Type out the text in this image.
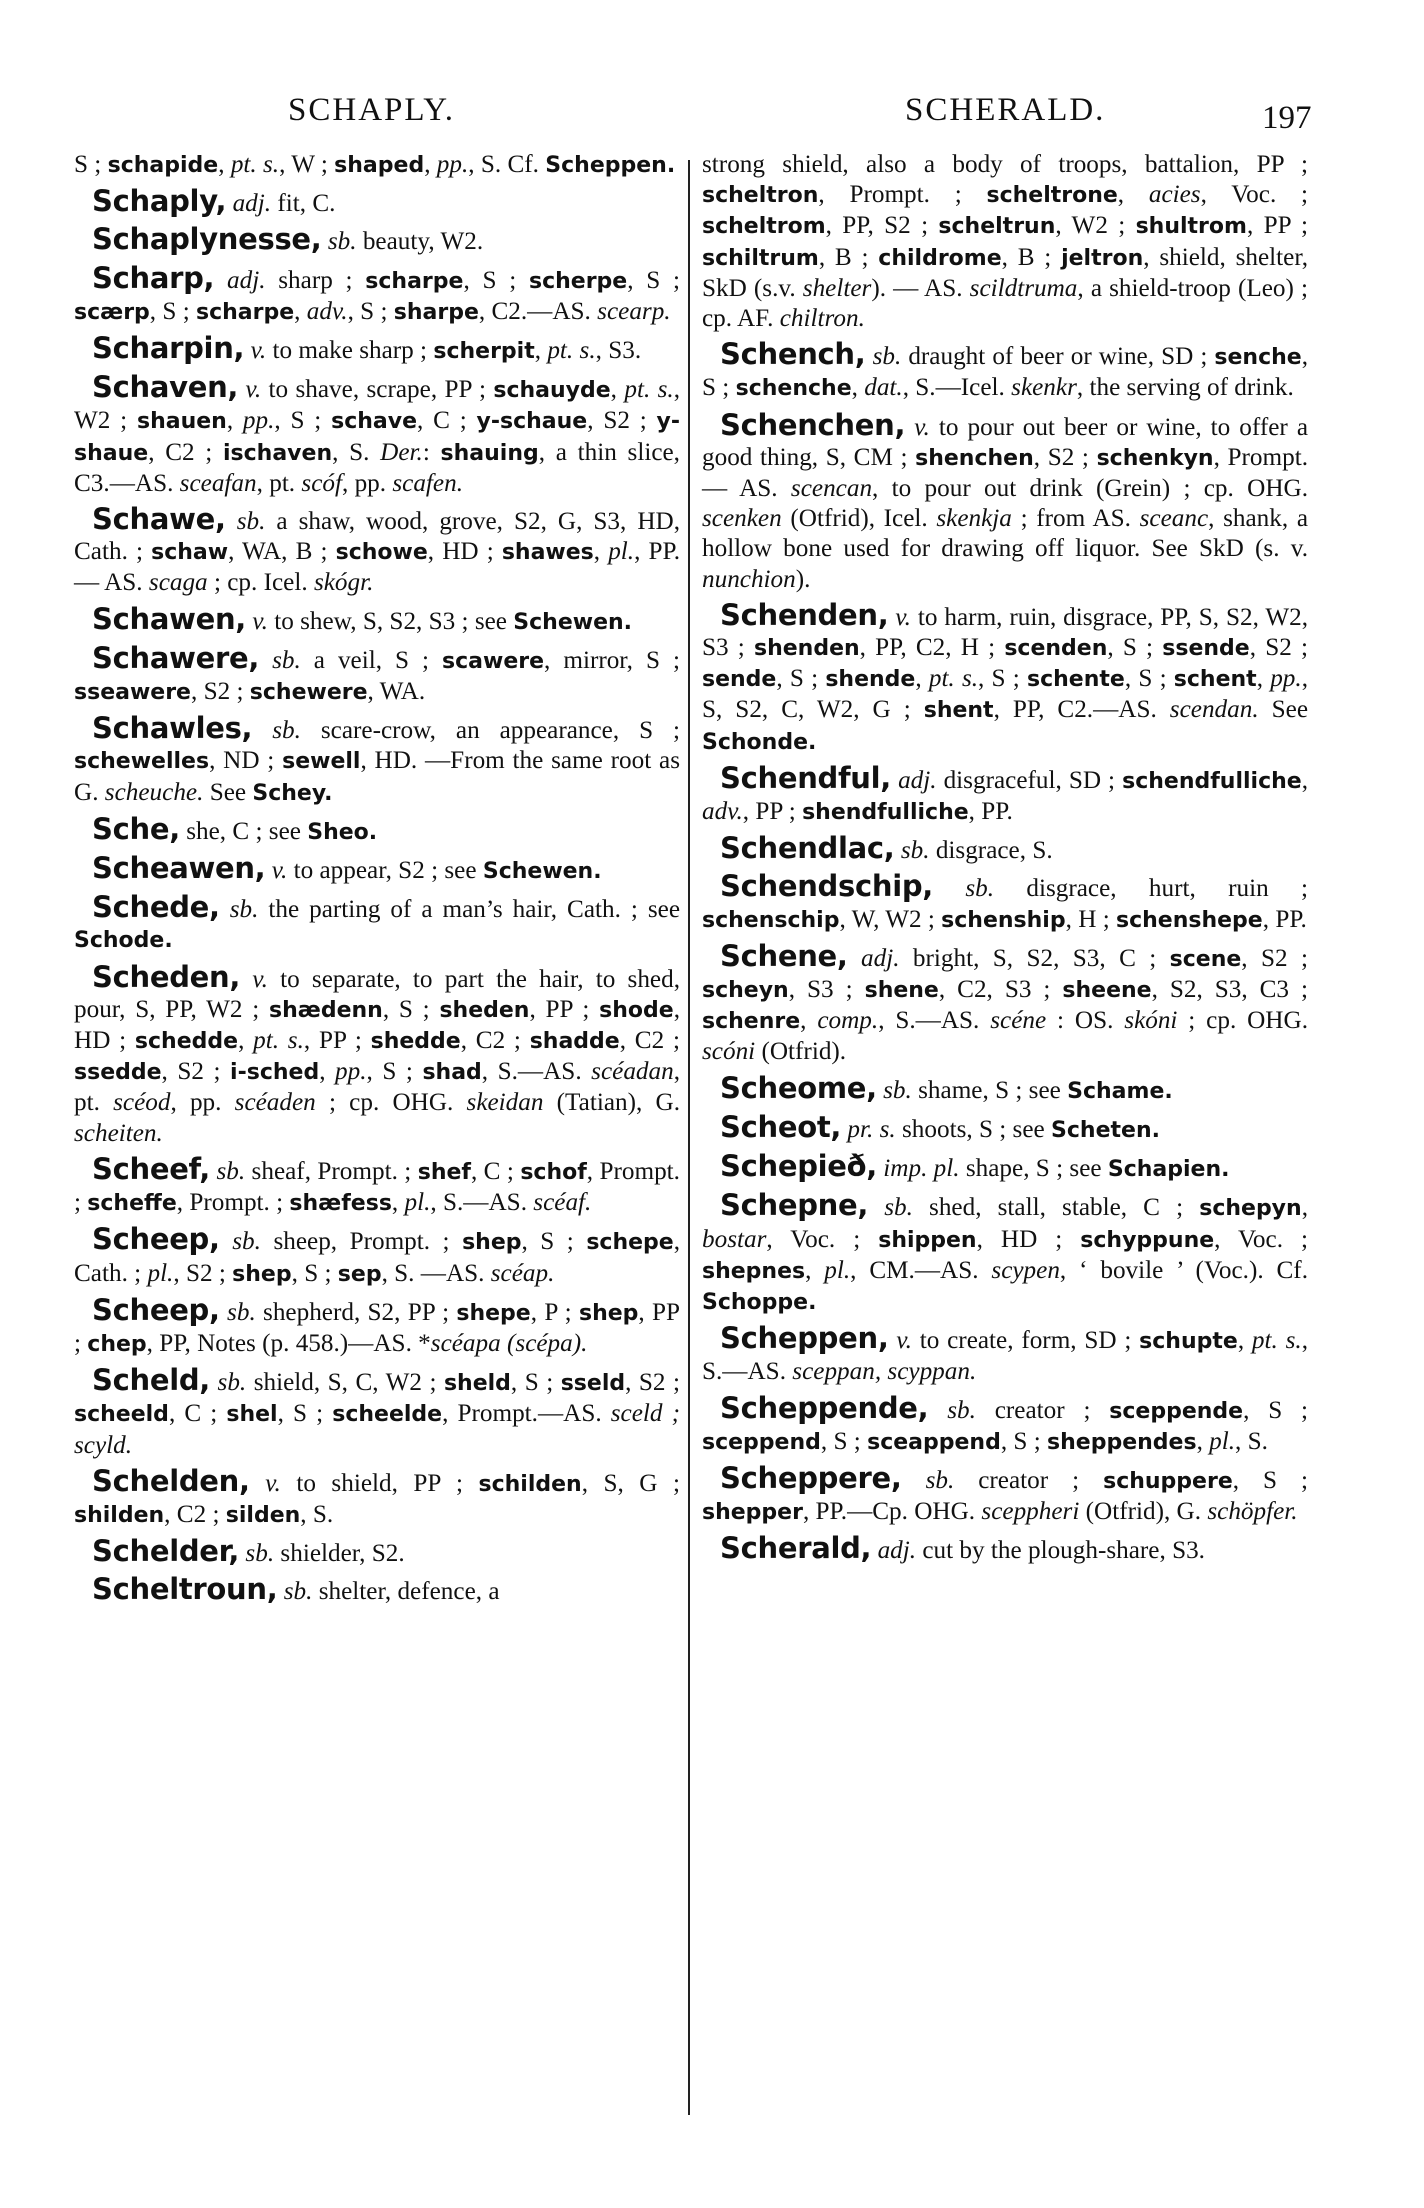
SCHAPLY.	SCHERALD.	197

S ; schapide, pt. s., W ; shaped, pp., S. Cf. Scheppen.

Schaply, adj. fit, C.

Schaplynesse, sb. beauty, W2.

Scharp, adj. sharp ; scharpe, S ; scherpe, S ; scærp, S ; scharpe, adv., S ; sharpe, C2.—AS. scearp.

Scharpin, v. to make sharp ; scherpit, pt. s., S3.

Schaven, v. to shave, scrape, PP ; schauyde, pt. s., W2 ; shauen, pp., S ; schave, C ; y-schaue, S2 ; y-shaue, C2 ; ischaven, S. Der.: shauing, a thin slice, C3.—AS. sceafan, pt. scóf, pp. scafen.

Schawe, sb. a shaw, wood, grove, S2, G, S3, HD, Cath. ; schaw, WA, B ; schowe, HD ; shawes, pl., PP. — AS. scaga ; cp. Icel. skógr.

Schawen, v. to shew, S, S2, S3 ; see Schewen.

Schawere, sb. a veil, S ; scawere, mirror, S ; sseawere, S2 ; schewere, WA.

Schawles, sb. scare-crow, an appearance, S ; schewelles, ND ; sewell, HD. —From the same root as G. scheuche. See Schey.

Sche, she, C ; see Sheo.

Scheawen, v. to appear, S2 ; see Schewen.

Schede, sb. the parting of a man’s hair, Cath. ; see Schode.

Scheden, v. to separate, to part the hair, to shed, pour, S, PP, W2 ; shædenn, S ; sheden, PP ; shode, HD ; schedde, pt. s., PP ; shedde, C2 ; shadde, C2 ; ssedde, S2 ; i-sched, pp., S ; shad, S.—AS. scéadan, pt. scéod, pp. scéaden ; cp. OHG. skeidan (Tatian), G. scheiten.

Scheef, sb. sheaf, Prompt. ; shef, C ; schof, Prompt. ; scheffe, Prompt. ; shæfess, pl., S.—AS. scéaf.

Scheep, sb. sheep, Prompt. ; shep, S ; schepe, Cath. ; pl., S2 ; shep, S ; sep, S. —AS. scéap.

Scheep, sb. shepherd, S2, PP ; shepe, P ; shep, PP ; chep, PP, Notes (p. 458.)—AS. *scéapa (scépa).

Scheld, sb. shield, S, C, W2 ; sheld, S ; sseld, S2 ; scheeld, C ; shel, S ; scheelde, Prompt.—AS. sceld ; scyld.

Schelden, v. to shield, PP ; schilden, S, G ; shilden, C2 ; silden, S.

Schelder, sb. shielder, S2.

Scheltroun, sb. shelter, defence, a

strong shield, also a body of troops, battalion, PP ; scheltron, Prompt. ; scheltrone, acies, Voc. ; scheltrom, PP, S2 ; scheltrun, W2 ; shultrom, PP ; schiltrum, B ; childrome, B ; jeltron, shield, shelter, SkD (s.v. shelter). — AS. scildtruma, a shield-troop (Leo) ; cp. AF. chiltron.

Schench, sb. draught of beer or wine, SD ; senche, S ; schenche, dat., S.—Icel. skenkr, the serving of drink.

Schenchen, v. to pour out beer or wine, to offer a good thing, S, CM ; shenchen, S2 ; schenkyn, Prompt. — AS. scencan, to pour out drink (Grein) ; cp. OHG. scenken (Otfrid), Icel. skenkja ; from AS. sceanc, shank, a hollow bone used for drawing off liquor. See SkD (s. v. nunchion).

Schenden, v. to harm, ruin, disgrace, PP, S, S2, W2, S3 ; shenden, PP, C2, H ; scenden, S ; ssende, S2 ; sende, S ; shende, pt. s., S ; schente, S ; schent, pp., S, S2, C, W2, G ; shent, PP, C2.—AS. scendan. See Schonde.

Schendful, adj. disgraceful, SD ; schendfulliche, adv., PP ; shendfulliche, PP.

Schendlac, sb. disgrace, S.

Schendschip, sb. disgrace, hurt, ruin ; schenschip, W, W2 ; schenship, H ; schenshepe, PP.

Schene, adj. bright, S, S2, S3, C ; scene, S2 ; scheyn, S3 ; shene, C2, S3 ; sheene, S2, S3, C3 ; schenre, comp., S.—AS. scéne : OS. skóni ; cp. OHG. scóni (Otfrid).

Scheome, sb. shame, S ; see Schame.

Scheot, pr. s. shoots, S ; see Scheten.

Schepieð, imp. pl. shape, S ; see Schapien.

Schepne, sb. shed, stall, stable, C ; schepyn, bostar, Voc. ; shippen, HD ; schyppune, Voc. ; shepnes, pl., CM.—AS. scypen, ‘ bovile ’ (Voc.). Cf. Schoppe.

Scheppen, v. to create, form, SD ; schupte, pt. s., S.—AS. sceppan, scyppan.

Scheppende, sb. creator ; sceppende, S ; sceppend, S ; sceappend, S ; sheppendes, pl., S.

Scheppere, sb. creator ; schuppere, S ; shepper, PP.—Cp. OHG. sceppheri (Otfrid), G. schöpfer.

Scherald, adj. cut by the plough-share, S3.
